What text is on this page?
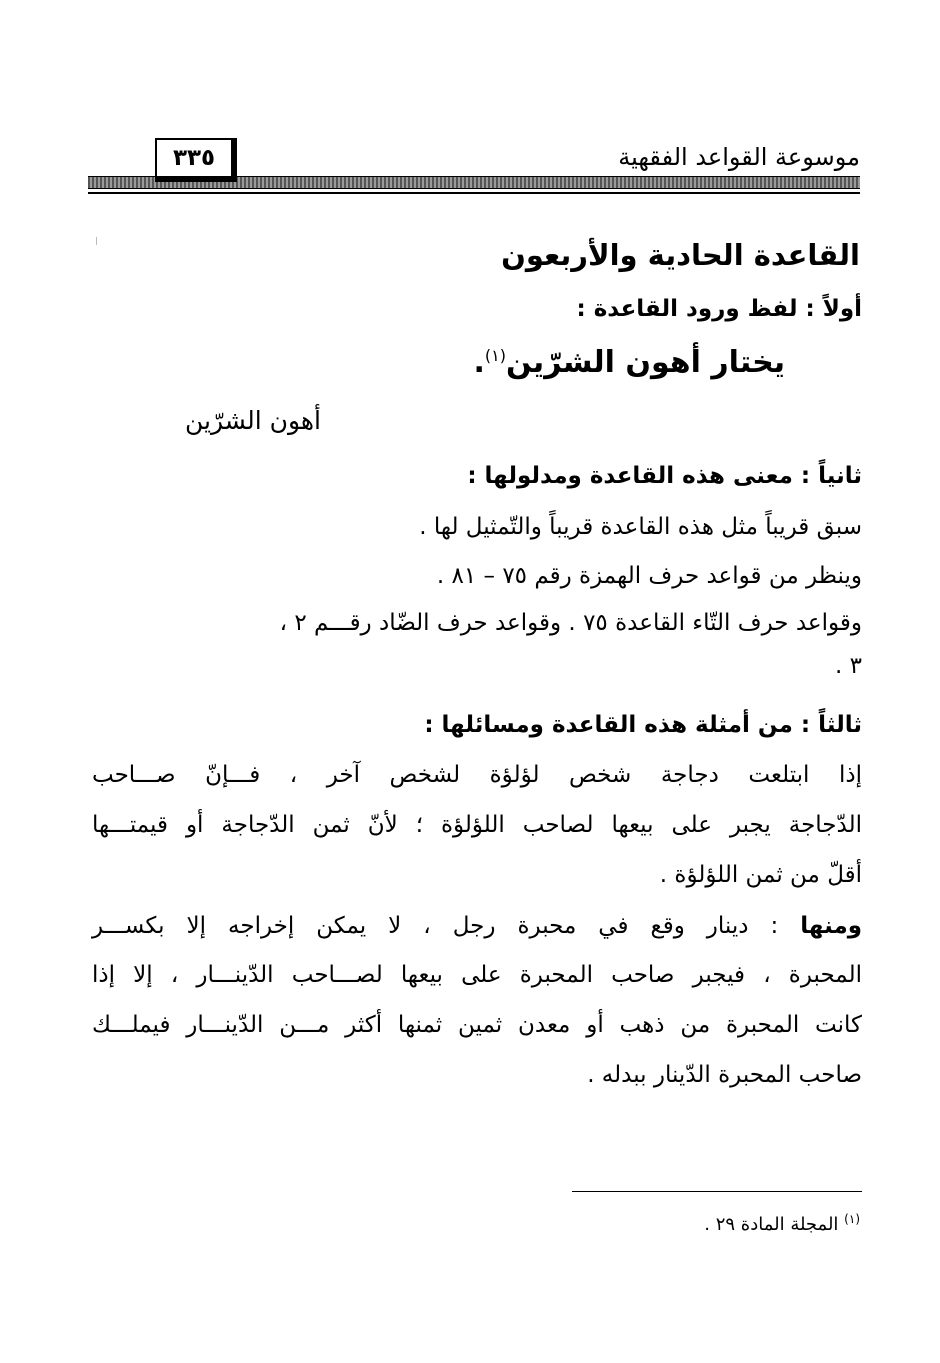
موسوعة القواعد الفقهية
٣٣٥
القاعدة الحادية والأربعون
أولاً : لفظ ورود القاعدة :
يختار أهون الشرّين$^{(١)}$.
أهون الشرّين
ثانياً : معنى هذه القاعدة ومدلولها :
سبق قريباً مثل هذه القاعدة قريباً والتّمثيل لها .
وينظر من قواعد حرف الهمزة رقم ٧٥ – ٨١ .
وقواعد حرف التّاء القاعدة ٧٥ . وقواعد حرف الضّاد رقـــم ٢ ،
٣ .
ثالثاً : من أمثلة هذه القاعدة ومسائلها :
إذا ابتلعت دجاجة شخص لؤلؤة لشخص آخر ، فـــإنّ صـــاحب
الدّجاجة يجبر على بيعها لصاحب اللؤلؤة ؛ لأنّ ثمن الدّجاجة أو قيمتـــها
أقلّ من ثمن اللؤلؤة .
ومنها : دينار وقع في محبرة رجل ، لا يمكن إخراجه إلا بكســـر
المحبرة ، فيجبر صاحب المحبرة على بيعها لصـــاحب الدّينـــار ، إلا إذا
كانت المحبرة من ذهب أو معدن ثمين ثمنها أكثر مـــن الدّينـــار فيملـــك
صاحب المحبرة الدّينار ببدله .
$^{(١)}$ المجلة المادة ٢٩ .
